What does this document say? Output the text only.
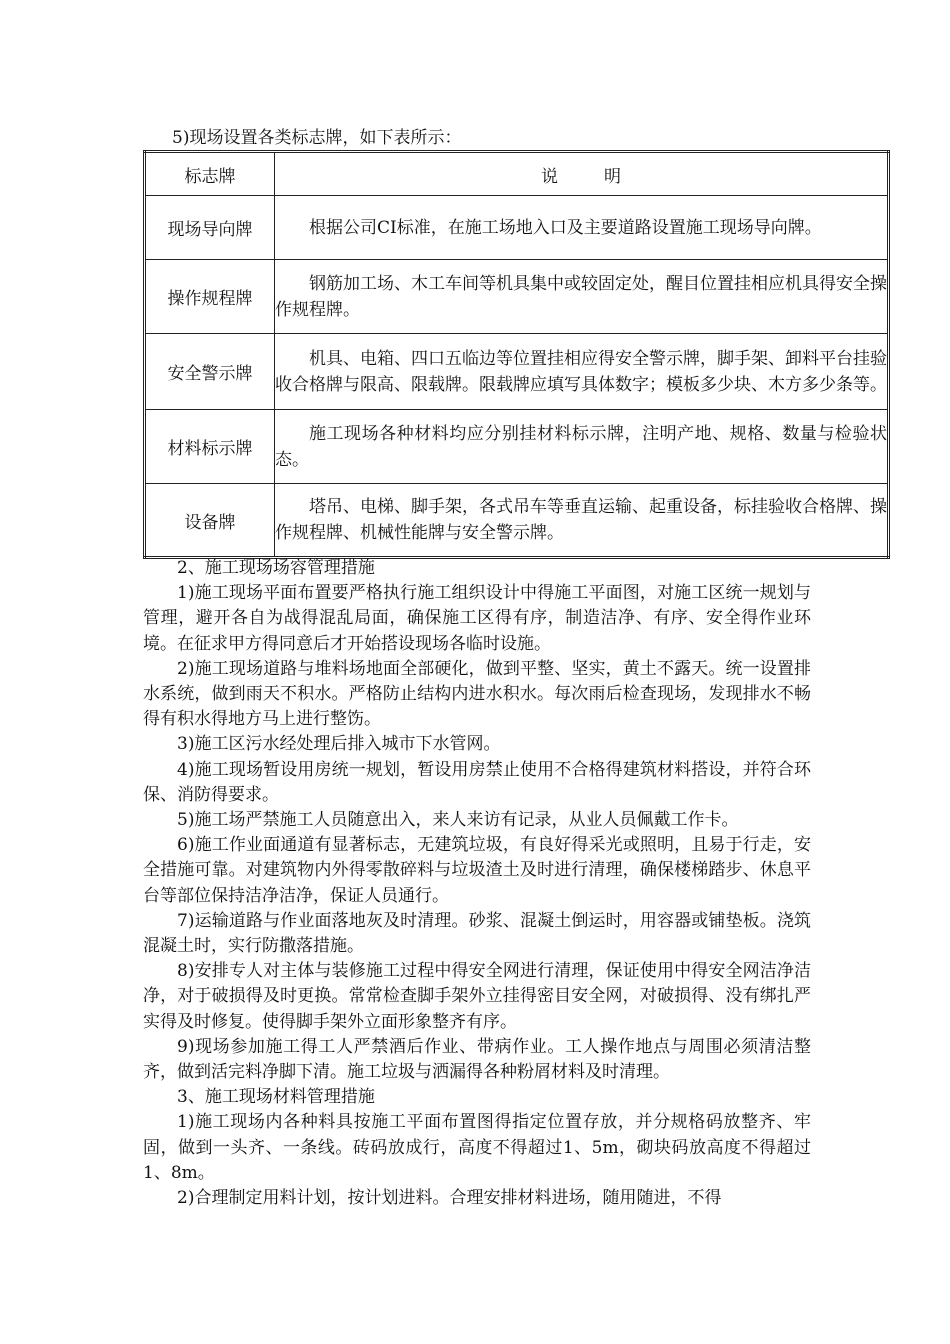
5)现场设置各类标志牌，如下表所示：
标志牌	说 明
现场导向牌	根据公司CI标准，在施工场地入口及主要道路设置施工现场导向牌。
操作规程牌	钢筋加工场、木工车间等机具集中或较固定处，醒目位置挂相应机具得安全操作规程牌。
安全警示牌	机具、电箱、四口五临边等位置挂相应得安全警示牌，脚手架、卸料平台挂验收合格牌与限高、限载牌。限载牌应填写具体数字；模板多少块、木方多少条等。
材料标示牌	施工现场各种材料均应分别挂材料标示牌，注明产地、规格、数量与检验状态。
设备牌	塔吊、电梯、脚手架，各式吊车等垂直运输、起重设备，标挂验收合格牌、操作规程牌、机械性能牌与安全警示牌。

2、施工现场场容管理措施

1)施工现场平面布置要严格执行施工组织设计中得施工平面图，对施工区统一规划与管理，避开各自为战得混乱局面，确保施工区得有序，制造洁净、有序、安全得作业环境。在征求甲方得同意后才开始搭设现场各临时设施。

2)施工现场道路与堆料场地面全部硬化，做到平整、坚实，黄土不露天。统一设置排水系统，做到雨天不积水。严格防止结构内进水积水。每次雨后检查现场，发现排水不畅得有积水得地方马上进行整饬。

3)施工区污水经处理后排入城市下水管网。

4)施工现场暂设用房统一规划，暂设用房禁止使用不合格得建筑材料搭设，并符合环保、消防得要求。

5)施工场严禁施工人员随意出入，来人来访有记录，从业人员佩戴工作卡。

6)施工作业面通道有显著标志，无建筑垃圾，有良好得采光或照明，且易于行走，安全措施可靠。对建筑物内外得零散碎料与垃圾渣土及时进行清理，确保楼梯踏步、休息平台等部位保持洁净洁净，保证人员通行。

7)运输道路与作业面落地灰及时清理。砂浆、混凝土倒运时，用容器或铺垫板。浇筑混凝土时，实行防撒落措施。

8)安排专人对主体与装修施工过程中得安全网进行清理，保证使用中得安全网洁净洁净，对于破损得及时更换。常常检查脚手架外立挂得密目安全网，对破损得、没有绑扎严实得及时修复。使得脚手架外立面形象整齐有序。

9)现场参加施工得工人严禁酒后作业、带病作业。工人操作地点与周围必须清洁整齐，做到活完料净脚下清。施工垃圾与洒漏得各种粉屑材料及时清理。

3、施工现场材料管理措施

1)施工现场内各种料具按施工平面布置图得指定位置存放，并分规格码放整齐、牢固，做到一头齐、一条线。砖码放成行，高度不得超过1、5m，砌块码放高度不得超过1、8m。

2)合理制定用料计划，按计划进料。合理安排材料进场，随用随进，不得
